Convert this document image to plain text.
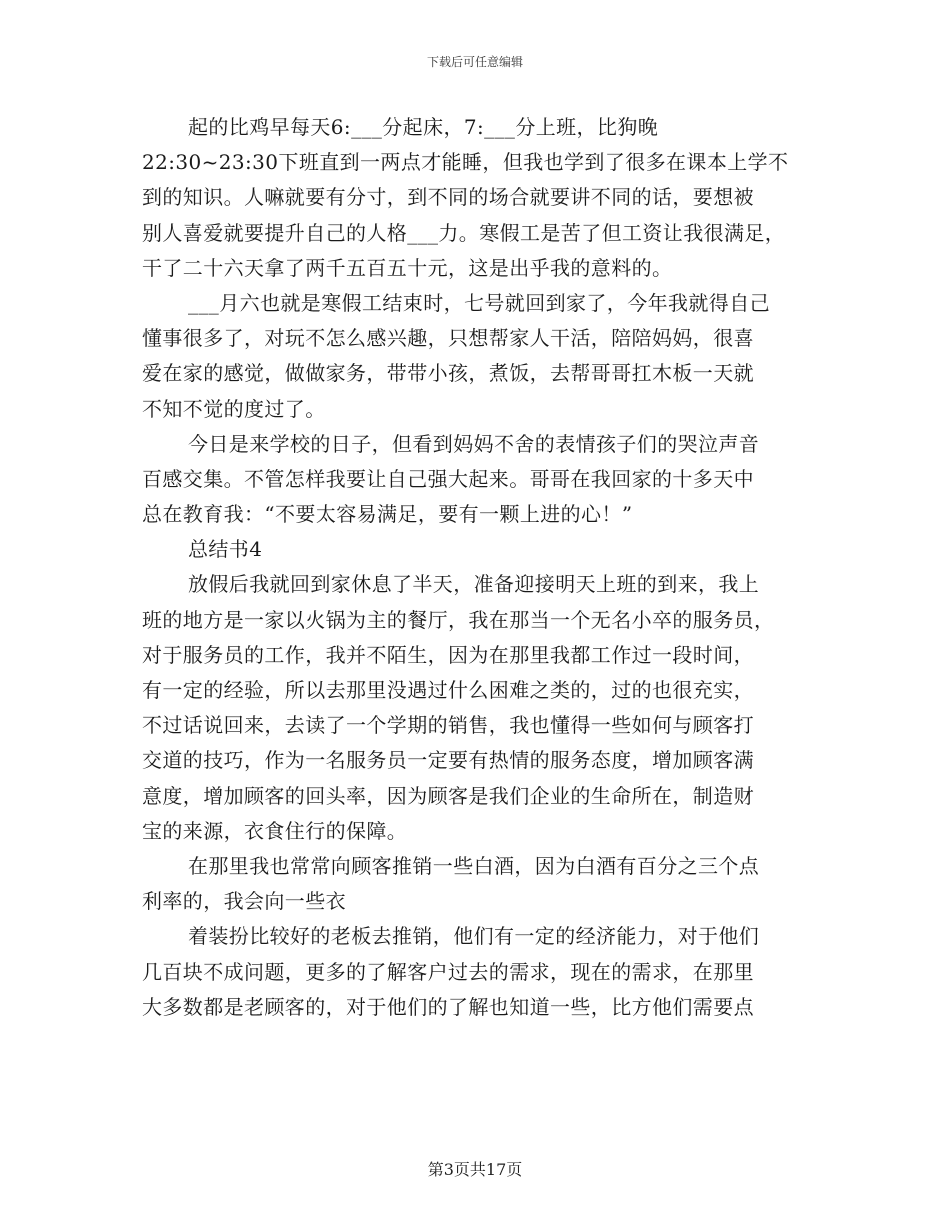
下载后可任意编辑
起的比鸡早每天6:___分起床，7:___分上班，比狗晚
22:30~23:30下班直到一两点才能睡，但我也学到了很多在课本上学不
到的知识。人嘛就要有分寸，到不同的场合就要讲不同的话，要想被
别人喜爱就要提升自己的人格___力。寒假工是苦了但工资让我很满足，
干了二十六天拿了两千五百五十元，这是出乎我的意料的。
___月六也就是寒假工结束时，七号就回到家了，今年我就得自己
懂事很多了，对玩不怎么感兴趣，只想帮家人干活，陪陪妈妈，很喜
爱在家的感觉，做做家务，带带小孩，煮饭，去帮哥哥扛木板一天就
不知不觉的度过了。
今日是来学校的日子，但看到妈妈不舍的表情孩子们的哭泣声音
百感交集。不管怎样我要让自己强大起来。哥哥在我回家的十多天中
总在教育我：“不要太容易满足，要有一颗上进的心！”
总结书4
放假后我就回到家休息了半天，准备迎接明天上班的到来，我上
班的地方是一家以火锅为主的餐厅，我在那当一个无名小卒的服务员，
对于服务员的工作，我并不陌生，因为在那里我都工作过一段时间，
有一定的经验，所以去那里没遇过什么困难之类的，过的也很充实，
不过话说回来，去读了一个学期的销售，我也懂得一些如何与顾客打
交道的技巧，作为一名服务员一定要有热情的服务态度，增加顾客满
意度，增加顾客的回头率，因为顾客是我们企业的生命所在，制造财
宝的来源，衣食住行的保障。
在那里我也常常向顾客推销一些白酒，因为白酒有百分之三个点
利率的，我会向一些衣
着装扮比较好的老板去推销，他们有一定的经济能力，对于他们
几百块不成问题，更多的了解客户过去的需求，现在的需求，在那里
大多数都是老顾客的，对于他们的了解也知道一些，比方他们需要点
第3页共17页
